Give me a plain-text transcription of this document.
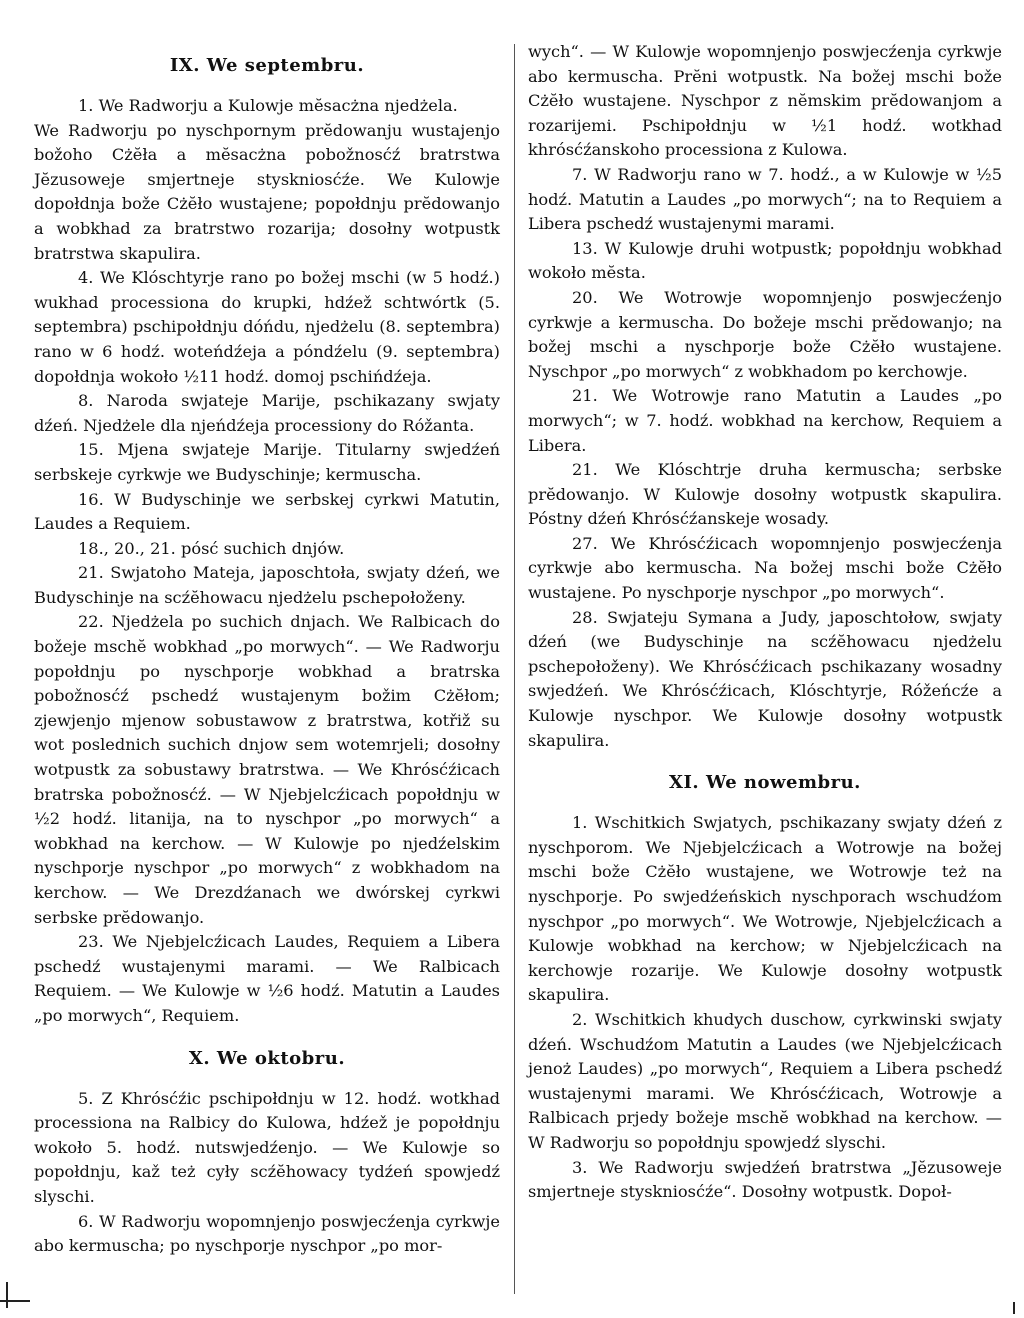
IX. We septembru.

1. We Radworju a Kulowje mĕsacżna njedżela.

We Radworju po nyschpornym prĕdowanju wustajenjo božoho Cżĕła a mĕsacżna pobožnosćź bratrstwa Jĕzusoweje smjertneje styskniosćźe. We Kulowje dopołdnja bože Cżĕło wustajene; popołdnju prĕdowanjo a wobkhad za bratrstwo rozarija; dosołny wotpustk bratrstwa skapulira.

4. We Klóschtyrje rano po božej mschi (w 5 hodź.) wukhad processiona do krupki, hdźež schtwórtk (5. septembra) pschipołdnju dóńdu, njedżelu (8. septembra) rano w 6 hodź. woteńdźeja a póndźelu (9. septembra) dopołdnja wokoło ½11 hodź. domoj pschińdźeja.

8. Naroda swjateje Marije, pschikazany swjaty dźeń. Njedżele dla njeńdźeja processiony do Róžanta.

15. Mjena swjateje Marije. Titularny swjedźeń serbskeje cyrkwje we Budyschinje; kermuscha.

16. W Budyschinje we serbskej cyrkwi Matutin, Laudes a Requiem.

18., 20., 21. pósć suchich dnjów.

21. Swjatoho Mateja, japoschtoła, swjaty dźeń, we Budyschinje na scźĕhowacu njedżelu pschepołoženy.

22. Njedżela po suchich dnjach. We Ralbicach do božeje mschĕ wobkhad „po morwych“. — We Radworju popołdnju po nyschporje wobkhad a bratrska pobožnosćź pschedź wustajenym božim Cżĕłom; zjewjenjo mjenow sobustawow z bratrstwa, kotřiž su wot poslednich suchich dnjow sem wotemrjeli; dosołny wotpustk za sobustawy bratrstwa. — We Khrósćźicach bratrska pobožnosćź. — W Njebjelcźicach popołdnju w ½2 hodź. litanija, na to nyschpor „po morwych“ a wobkhad na kerchow. — W Kulowje po njedźelskim nyschporje nyschpor „po morwych“ z wobkhadom na kerchow. — We Drezdźanach we dwórskej cyrkwi serbske prĕdowanjo.

23. We Njebjelcźicach Laudes, Requiem a Libera pschedź wustajenymi marami. — We Ralbicach Requiem. — We Kulowje w ½6 hodź. Matutin a Laudes „po morwych“, Requiem.

X. We oktobru.

5. Z Khrósćźic pschipołdnju w 12. hodź. wotkhad processiona na Ralbicy do Kulowa, hdźež je popołdnju wokoło 5. hodź. nutswjedźenjo. — We Kulowje so popołdnju, kaž też cyły scźĕhowacy tydźeń spowjedź slyschi.

6. W Radworju wopomnjenjo poswjecźenja cyrkwje abo kermuscha; po nyschporje nyschpor „po mor-

wych“. — W Kulowje wopomnjenjo poswjecźenja cyrkwje abo kermuscha. Prĕni wotpustk. Na božej mschi bože Cżĕło wustajene. Nyschpor z nĕmskim prĕdowanjom a rozarijemi. Pschipołdnju w ½1 hodź. wotkhad khrósćźanskoho processiona z Kulowa.

7. W Radworju rano w 7. hodź., a w Kulowje w ½5 hodź. Matutin a Laudes „po morwych“; na to Requiem a Libera pschedź wustajenymi marami.

13. W Kulowje druhi wotpustk; popołdnju wobkhad wokoło mĕsta.

20. We Wotrowje wopomnjenjo poswjecźenjo cyrkwje a kermuscha. Do božeje mschi prĕdowanjo; na božej mschi a nyschporje bože Cżĕło wustajene. Nyschpor „po morwych“ z wobkhadom po kerchowje.

21. We Wotrowje rano Matutin a Laudes „po morwych“; w 7. hodź. wobkhad na kerchow, Requiem a Libera.

21. We Klóschtrje druha kermuscha; serbske prĕdowanjo. W Kulowje dosołny wotpustk skapulira. Póstny dźeń Khrósćźanskeje wosady.

27. We Khrósćźicach wopomnjenjo poswjecźenja cyrkwje abo kermuscha. Na božej mschi bože Cżĕło wustajene. Po nyschporje nyschpor „po morwych“.

28. Swjateju Symana a Judy, japoschtołow, swjaty dźeń (we Budyschinje na scźĕhowacu njedżelu pschepołoženy). We Khrósćźicach pschikazany wosadny swjedźeń. We Khrósćźicach, Klóschtyrje, Róžeńcźe a Kulowje nyschpor. We Kulowje dosołny wotpustk skapulira.

XI. We nowembru.

1. Wschitkich Swjatych, pschikazany swjaty dźeń z nyschporom. We Njebjelcźicach a Wotrowje na božej mschi bože Cżĕło wustajene, we Wotrowje też na nyschporje. Po swjedźeńskich nyschporach wschudźom nyschpor „po morwych“. We Wotrowje, Njebjelcźicach a Kulowje wobkhad na kerchow; w Njebjelcźicach na kerchowje rozarije. We Kulowje dosołny wotpustk skapulira.

2. Wschitkich khudych duschow, cyrkwinski swjaty dźeń. Wschudźom Matutin a Laudes (we Njebjelcźicach jenoż Laudes) „po morwych“, Requiem a Libera pschedź wustajenymi marami. We Khrósćźicach, Wotrowje a Ralbicach prjedy božeje mschĕ wobkhad na kerchow. — W Radworju so popołdnju spowjedź slyschi.

3. We Radworju swjedźeń bratrstwa „Jĕzusoweje smjertneje styskniosćźe“. Dosołny wotpustk. Dopoł-
